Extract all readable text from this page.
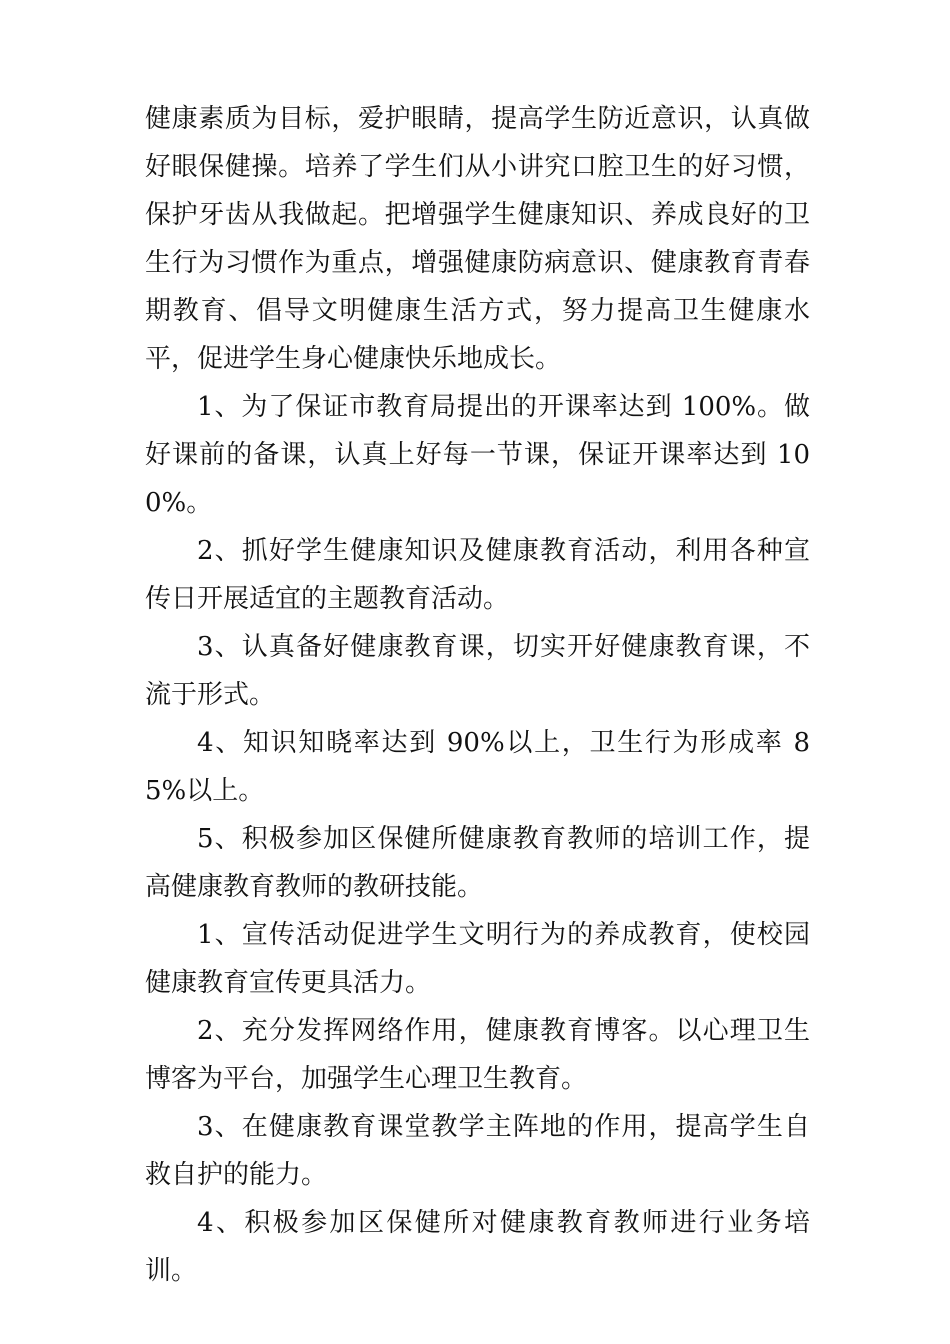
健康素质为目标，爱护眼睛，提高学生防近意识，认真做好眼保健操。培养了学生们从小讲究口腔卫生的好习惯，保护牙齿从我做起。把增强学生健康知识、养成良好的卫生行为习惯作为重点，增强健康防病意识、健康教育青春期教育、倡导文明健康生活方式，努力提高卫生健康水平，促进学生身心健康快乐地成长。

1、为了保证市教育局提出的开课率达到 100%。做好课前的备课，认真上好每一节课，保证开课率达到 100%。

2、抓好学生健康知识及健康教育活动，利用各种宣传日开展适宜的主题教育活动。

3、认真备好健康教育课，切实开好健康教育课，不流于形式。

4、知识知晓率达到 90%以上，卫生行为形成率 85%以上。

5、积极参加区保健所健康教育教师的培训工作，提高健康教育教师的教研技能。

1、宣传活动促进学生文明行为的养成教育，使校园健康教育宣传更具活力。

2、充分发挥网络作用，健康教育博客。以心理卫生博客为平台，加强学生心理卫生教育。

3、在健康教育课堂教学主阵地的作用，提高学生自救自护的能力。

4、积极参加区保健所对健康教育教师进行业务培训。
